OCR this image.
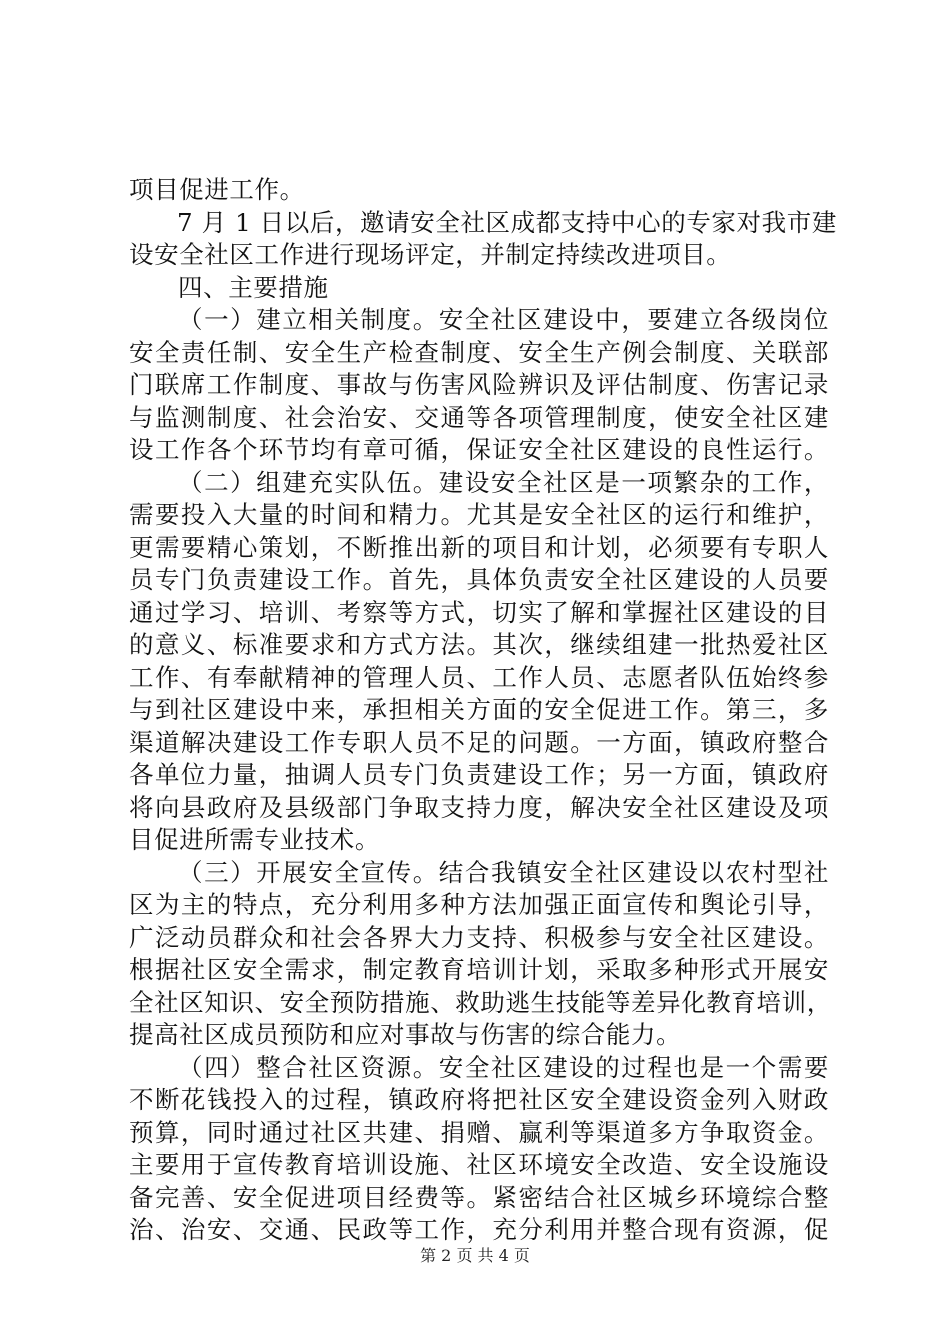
项目促进工作。
7 月 1 日以后，邀请安全社区成都支持中心的专家对我市建
设安全社区工作进行现场评定，并制定持续改进项目。
四、主要措施
（一）建立相关制度。安全社区建设中，要建立各级岗位
安全责任制、安全生产检查制度、安全生产例会制度、关联部
门联席工作制度、事故与伤害风险辨识及评估制度、伤害记录
与监测制度、社会治安、交通等各项管理制度，使安全社区建
设工作各个环节均有章可循，保证安全社区建设的良性运行。
（二）组建充实队伍。建设安全社区是一项繁杂的工作，
需要投入大量的时间和精力。尤其是安全社区的运行和维护，
更需要精心策划，不断推出新的项目和计划，必须要有专职人
员专门负责建设工作。首先，具体负责安全社区建设的人员要
通过学习、培训、考察等方式，切实了解和掌握社区建设的目
的意义、标准要求和方式方法。其次，继续组建一批热爱社区
工作、有奉献精神的管理人员、工作人员、志愿者队伍始终参
与到社区建设中来，承担相关方面的安全促进工作。第三，多
渠道解决建设工作专职人员不足的问题。一方面，镇政府整合
各单位力量，抽调人员专门负责建设工作；另一方面，镇政府
将向县政府及县级部门争取支持力度，解决安全社区建设及项
目促进所需专业技术。
（三）开展安全宣传。结合我镇安全社区建设以农村型社
区为主的特点，充分利用多种方法加强正面宣传和舆论引导，
广泛动员群众和社会各界大力支持、积极参与安全社区建设。
根据社区安全需求，制定教育培训计划，采取多种形式开展安
全社区知识、安全预防措施、救助逃生技能等差异化教育培训，
提高社区成员预防和应对事故与伤害的综合能力。
（四）整合社区资源。安全社区建设的过程也是一个需要
不断花钱投入的过程，镇政府将把社区安全建设资金列入财政
预算，同时通过社区共建、捐赠、赢利等渠道多方争取资金。
主要用于宣传教育培训设施、社区环境安全改造、安全设施设
备完善、安全促进项目经费等。紧密结合社区城乡环境综合整
治、治安、交通、民政等工作，充分利用并整合现有资源，促
第 2 页 共 4 页
